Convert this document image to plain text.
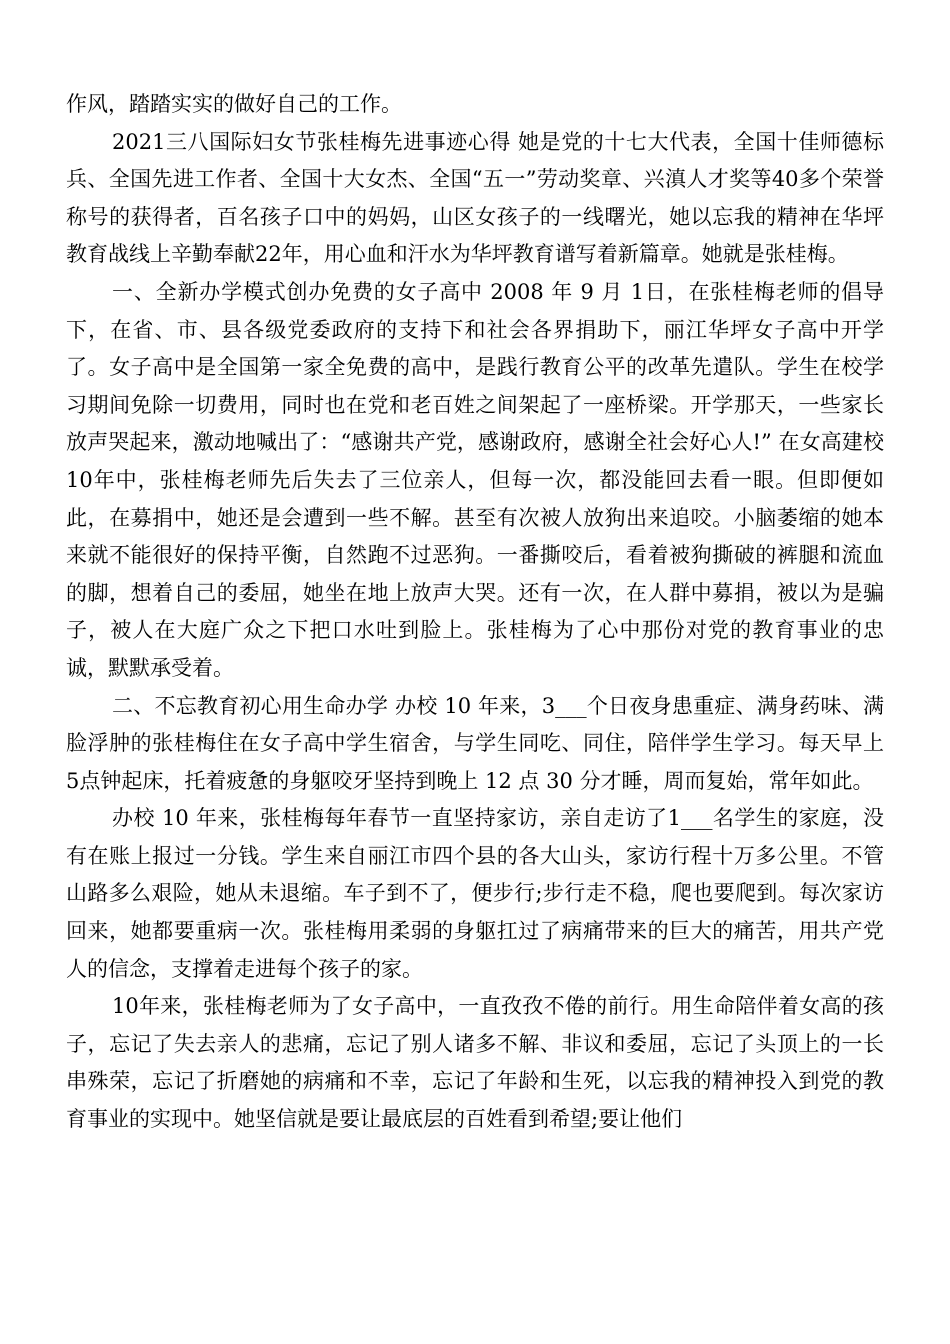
作风，踏踏实实的做好自己的工作。

2021三八国际妇女节张桂梅先进事迹心得 她是党的十七大代表，全国十佳师德标兵、全国先进工作者、全国十大女杰、全国“五一”劳动奖章、兴滇人才奖等40多个荣誉称号的获得者，百名孩子口中的妈妈，山区女孩子的一线曙光，她以忘我的精神在华坪教育战线上辛勤奉献22年，用心血和汗水为华坪教育谱写着新篇章。她就是张桂梅。

一、全新办学模式创办免费的女子高中 2008 年 9 月 1日，在张桂梅老师的倡导下，在省、市、县各级党委政府的支持下和社会各界捐助下，丽江华坪女子高中开学了。女子高中是全国第一家全免费的高中，是践行教育公平的改革先遣队。学生在校学习期间免除一切费用，同时也在党和老百姓之间架起了一座桥梁。开学那天，一些家长放声哭起来，激动地喊出了：“感谢共产党，感谢政府，感谢全社会好心人!” 在女高建校 10年中，张桂梅老师先后失去了三位亲人，但每一次，都没能回去看一眼。但即便如此，在募捐中，她还是会遭到一些不解。甚至有次被人放狗出来追咬。小脑萎缩的她本来就不能很好的保持平衡，自然跑不过恶狗。一番撕咬后，看着被狗撕破的裤腿和流血的脚，想着自己的委屈，她坐在地上放声大哭。还有一次，在人群中募捐，被以为是骗子，被人在大庭广众之下把口水吐到脸上。张桂梅为了心中那份对党的教育事业的忠诚，默默承受着。

二、不忘教育初心用生命办学 办校 10 年来，3___个日夜身患重症、满身药味、满脸浮肿的张桂梅住在女子高中学生宿舍，与学生同吃、同住，陪伴学生学习。每天早上 5点钟起床，托着疲惫的身躯咬牙坚持到晚上 12 点 30 分才睡，周而复始，常年如此。

办校 10 年来，张桂梅每年春节一直坚持家访，亲自走访了1___名学生的家庭，没有在账上报过一分钱。学生来自丽江市四个县的各大山头，家访行程十万多公里。不管山路多么艰险，她从未退缩。车子到不了，便步行;步行走不稳，爬也要爬到。每次家访回来，她都要重病一次。张桂梅用柔弱的身躯扛过了病痛带来的巨大的痛苦，用共产党人的信念，支撑着走进每个孩子的家。

10年来，张桂梅老师为了女子高中，一直孜孜不倦的前行。用生命陪伴着女高的孩子，忘记了失去亲人的悲痛，忘记了别人诸多不解、非议和委屈，忘记了头顶上的一长串殊荣，忘记了折磨她的病痛和不幸，忘记了年龄和生死，以忘我的精神投入到党的教育事业的实现中。她坚信就是要让最底层的百姓看到希望;要让他们
